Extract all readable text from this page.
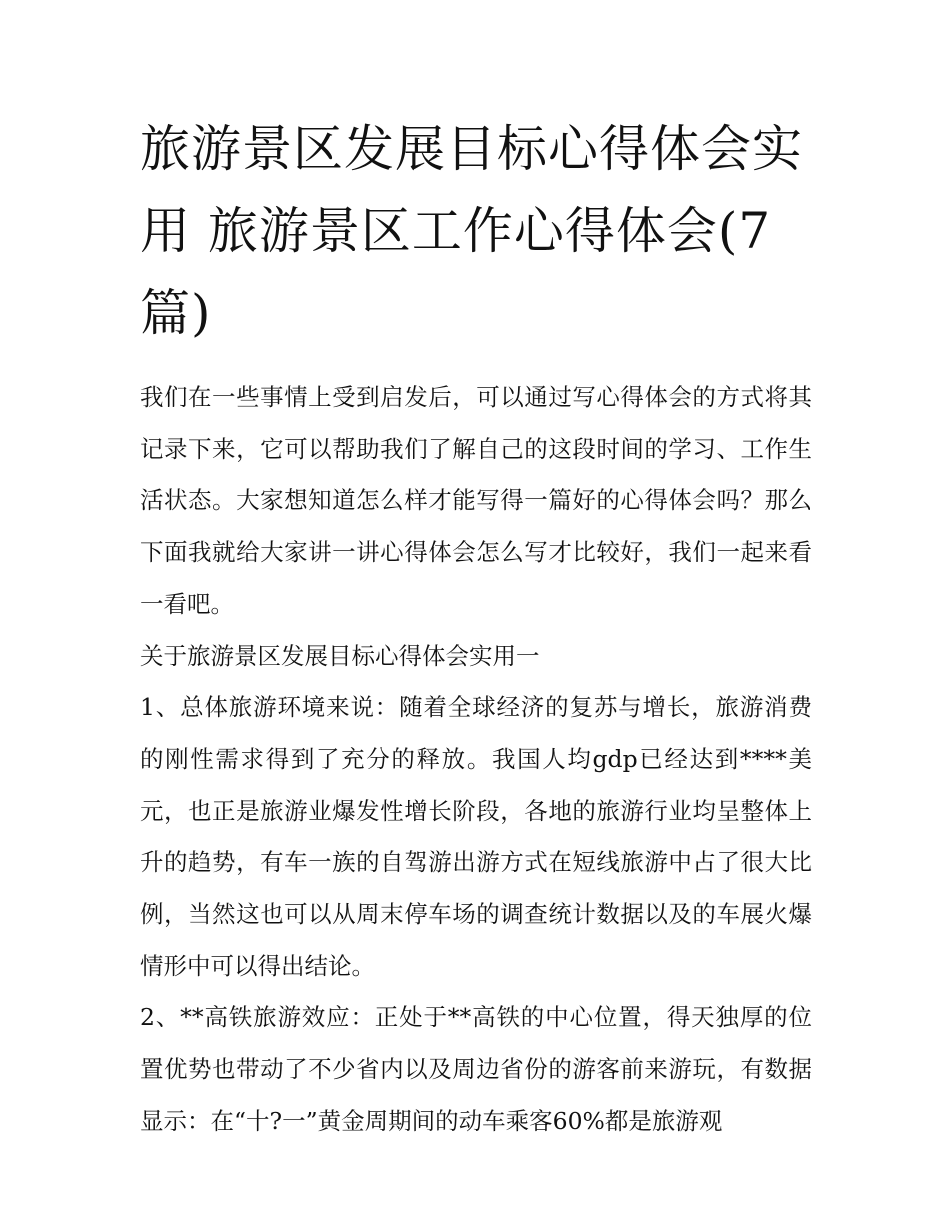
旅游景区发展目标心得体会实用 旅游景区工作心得体会(7篇)

我们在一些事情上受到启发后，可以通过写心得体会的方式将其记录下来，它可以帮助我们了解自己的这段时间的学习、工作生活状态。大家想知道怎么样才能写得一篇好的心得体会吗？那么下面我就给大家讲一讲心得体会怎么写才比较好，我们一起来看一看吧。

关于旅游景区发展目标心得体会实用一

1、总体旅游环境来说：随着全球经济的复苏与增长，旅游消费的刚性需求得到了充分的释放。我国人均gdp已经达到****美元，也正是旅游业爆发性增长阶段，各地的旅游行业均呈整体上升的趋势，有车一族的自驾游出游方式在短线旅游中占了很大比例，当然这也可以从周末停车场的调查统计数据以及的车展火爆情形中可以得出结论。

2、**高铁旅游效应：正处于**高铁的中心位置，得天独厚的位置优势也带动了不少省内以及周边省份的游客前来游玩，有数据显示：在“十?一”黄金周期间的动车乘客60%都是旅游观
